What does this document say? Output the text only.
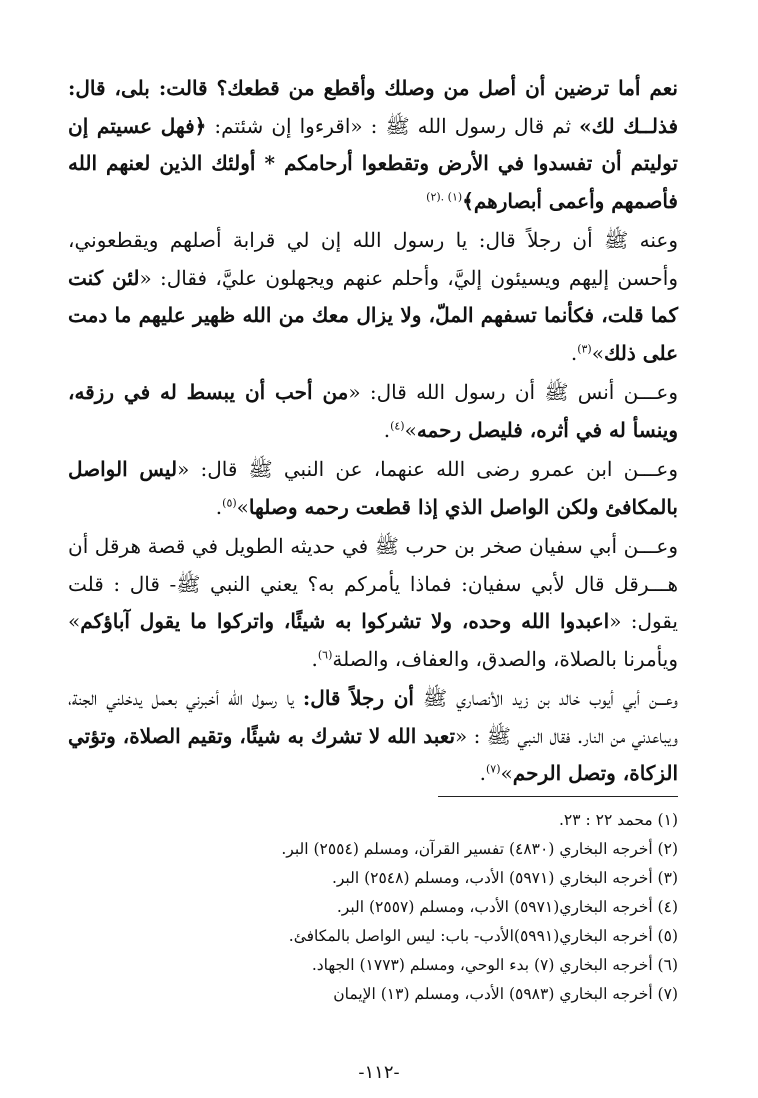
نعم أما ترضين أن أصل من وصلك وأقطع من قطعك؟ قالت: بلى، قال: فذلــك لك» ثم قال رسول الله ﷺ : «اقرءوا إن شئتم: ﴿فهل عسيتم إن توليتم أن تفسدوا في الأرض وتقطعوا أرحامكم * أولئك الذين لعنهم الله فأصمهم وأعمى أبصارهم﴾$^{(١) .(٢)}$

وعنه ﷺ أن رجلاً قال: يا رسول الله إن لي قرابة أصلهم ويقطعوني، وأحسن إليهم ويسيئون إليَّ، وأحلم عنهم ويجهلون عليَّ، فقال: «لئن كنت كما قلت، فكأنما تسفهم الملّ، ولا يزال معك من الله ظهير عليهم ما دمت على ذلك»$^{(٣)}$.

وعـــن أنس ﷺ أن رسول الله قال: «من أحب أن يبسط له في رزقه، وينسأ له في أثره، فليصل رحمه»$^{(٤)}$.

وعـــن ابن عمرو رضى الله عنهما، عن النبي ﷺ قال: «ليس الواصل بالمكافئ ولكن الواصل الذي إذا قطعت رحمه وصلها»$^{(٥)}$.

وعـــن أبي سفيان صخر بن حرب ﷺ في حديثه الطويل في قصة هرقل أن هـــرقل قال لأبي سفيان: فماذا يأمركم به؟ يعني النبي ﷺ- قال : قلت يقول: «اعبدوا الله وحده، ولا تشركوا به شيئًا، واتركوا ما يقول آباؤكم» ويأمرنا بالصلاة، والصدق، والعفاف، والصلة$^{(٦)}$.

وعـــن أبي أيوب خالد بن زيد الأنصاري ﷺ أن رجلاً قال: يا رسول الله أخبرني بعمل يدخلني الجنة، ويباعدني من النار. فقال النبي ﷺ : «تعبد الله لا تشرك به شيئًا، وتقيم الصلاة، وتؤتي الزكاة، وتصل الرحم»$^{(٧)}$.

(١) محمد ٢٢ : ٢٣.

(٢) أخرجه البخاري (٤٨٣٠) تفسير القرآن، ومسلم (٢٥٥٤) البر.

(٣) أخرجه البخاري (٥٩٧١) الأدب، ومسلم (٢٥٤٨) البر.

(٤) أخرجه البخاري(٥٩٧١) الأدب، ومسلم (٢٥٥٧) البر.

(٥) أخرجه البخاري(٥٩٩١)الأدب- باب: ليس الواصل بالمكافئ.

(٦) أخرجه البخاري (٧) بدء الوحي، ومسلم (١٧٧٣) الجهاد.

(٧) أخرجه البخاري (٥٩٨٣) الأدب، ومسلم (١٣) الإيمان

-١١٢-
